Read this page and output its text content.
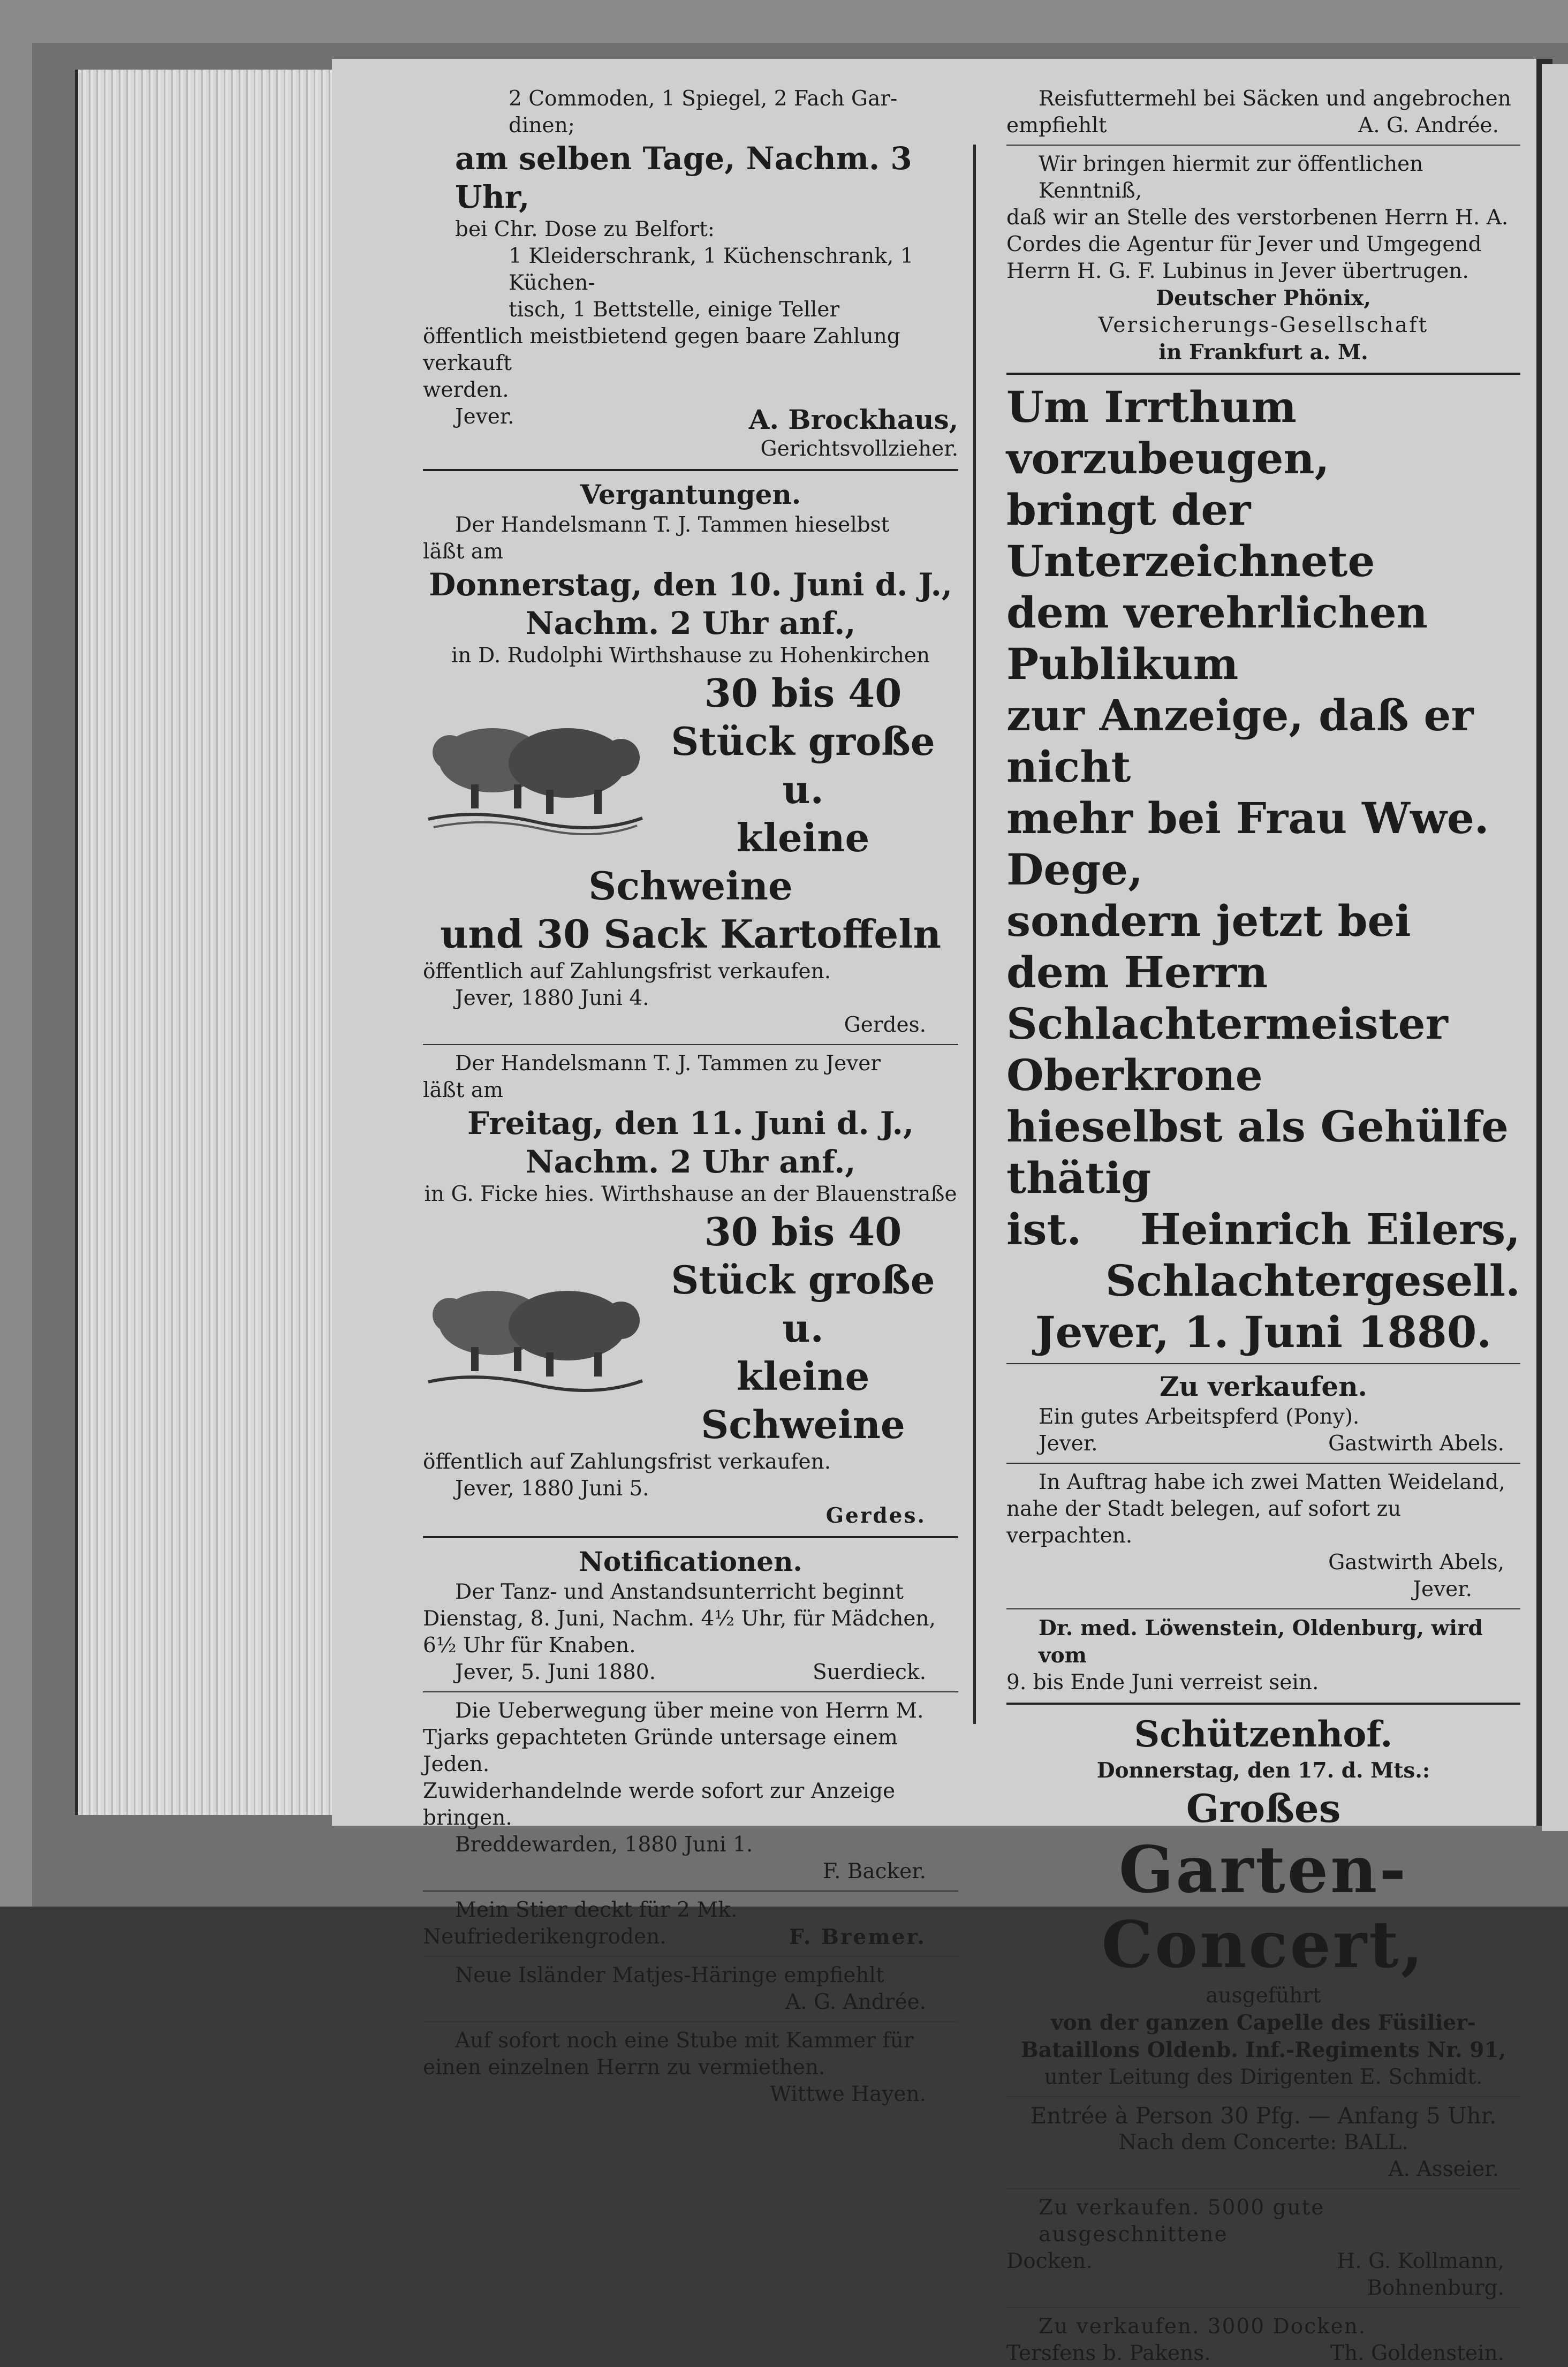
2 Commoden, 1 Spiegel, 2 Fach Gar-
dinen;
am selben Tage, Nachm. 3 Uhr,
bei Chr. Dose zu Belfort:
1 Kleiderschrank, 1 Küchenschrank, 1 Küchen-
tisch, 1 Bettstelle, einige Teller
öffentlich meistbietend gegen baare Zahlung verkauft
werden.
Jever.	A. Brockhaus,
Gerichtsvollzieher.
Vergantungen.
Der Handelsmann T. J. Tammen hieselbst
läßt am
Donnerstag, den 10. Juni d. J.,
Nachm. 2 Uhr anf.,
in D. Rudolphi Wirthshause zu Hohenkirchen
30 bis 40
Stück große u.
kleine
Schweine
und 30 Sack Kartoffeln
öffentlich auf Zahlungsfrist verkaufen.
Jever, 1880 Juni 4.
Gerdes.
Der Handelsmann T. J. Tammen zu Jever
läßt am
Freitag, den 11. Juni d. J.,
Nachm. 2 Uhr anf.,
in G. Ficke hies. Wirthshause an der Blauenstraße
30 bis 40
Stück große u.
kleine Schweine
öffentlich auf Zahlungsfrist verkaufen.
Jever, 1880 Juni 5.
Gerdes.
Notificationen.
Der Tanz- und Anstandsunterricht beginnt
Dienstag, 8. Juni, Nachm. 4½ Uhr, für Mädchen,
6½ Uhr für Knaben.
Jever, 5. Juni 1880.	Suerdieck.
Die Ueberwegung über meine von Herrn M.
Tjarks gepachteten Gründe untersage einem Jeden.
Zuwiderhandelnde werde sofort zur Anzeige bringen.
Breddewarden, 1880 Juni 1.
F. Backer.
Mein Stier deckt für 2 Mk.
Neufriederikengroden.	F. Bremer.
Neue Isländer Matjes-Häringe empfiehlt
A. G. Andrée.
Auf sofort noch eine Stube mit Kammer für
einen einzelnen Herrn zu vermiethen.
Wittwe Hayen.
Reisfuttermehl bei Säcken und angebrochen
empfiehlt	A. G. Andrée.
Wir bringen hiermit zur öffentlichen Kenntniß,
daß wir an Stelle des verstorbenen Herrn H. A.
Cordes die Agentur für Jever und Umgegend
Herrn H. G. F. Lubinus in Jever übertrugen.
Deutscher Phönix,
Versicherungs-Gesellschaft
in Frankfurt a. M.
Um Irrthum vorzubeugen,
bringt der Unterzeichnete
dem verehrlichen Publikum
zur Anzeige, daß er nicht
mehr bei Frau Wwe. Dege,
sondern jetzt bei dem Herrn
Schlachtermeister Oberkrone
hieselbst als Gehülfe thätig
ist. Heinrich Eilers,
Schlachtergesell.
Jever, 1. Juni 1880.
Zu verkaufen.
Ein gutes Arbeitspferd (Pony).
Jever.	Gastwirth Abels.
In Auftrag habe ich zwei Matten Weideland,
nahe der Stadt belegen, auf sofort zu verpachten.
Gastwirth Abels,
Jever.
Dr. med. Löwenstein, Oldenburg, wird vom
9. bis Ende Juni verreist sein.
Schützenhof.
Donnerstag, den 17. d. Mts.:
Großes
Garten-Concert,
ausgeführt
von der ganzen Capelle des Füsilier-
Bataillons Oldenb. Inf.-Regiments Nr. 91,
unter Leitung des Dirigenten E. Schmidt.
Entrée à Person 30 Pfg. — Anfang 5 Uhr.
Nach dem Concerte: BALL.
A. Asseier.
Zu verkaufen. 5000 gute ausgeschnittene
Docken.	H. G. Kollmann,
Bohnenburg.
Zu verkaufen. 3000 Docken.
Tersfens b. Pakens.	Th. Goldenstein.
